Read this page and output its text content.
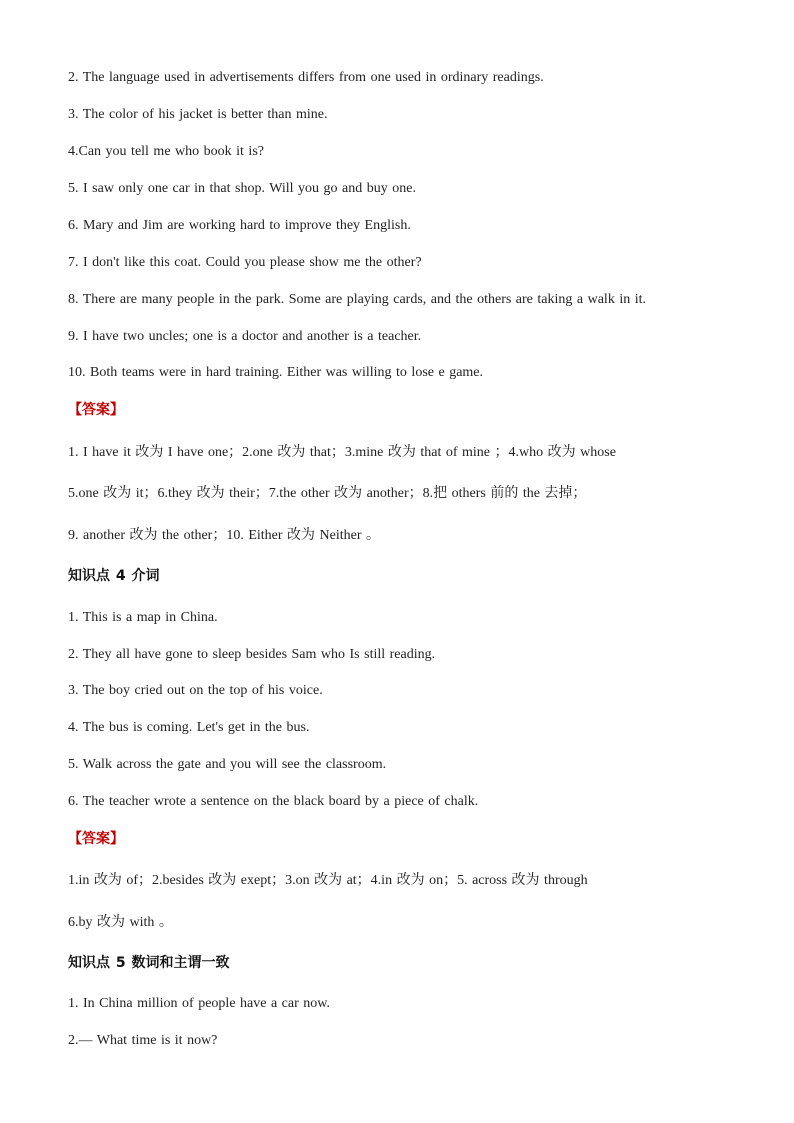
2. The language used in advertisements differs from one used in ordinary readings.
3. The color of his jacket is better than mine.
4.Can you tell me who book it is?
5. I saw only one car in that shop. Will you go and buy one.
6. Mary and Jim are working hard to improve they English.
7. I don't like this coat. Could you please show me the other?
8. There are many people in the park. Some are playing cards, and the others are taking a walk in it.
9. I have two uncles; one is a doctor and another is a teacher.
10. Both teams were in hard training. Either was willing to lose e game.
【答案】
1. I have it 改为 I have one；2.one 改为 that；3.mine 改为 that of mine ；4.who 改为 whose
5.one 改为 it；6.they 改为 their；7.the other 改为 another；8.把 others 前的 the 去掉；
9. another 改为 the other；10. Either 改为 Neither 。
知识点 4 介词
1. This is a map in China.
2. They all have gone to sleep besides Sam who Is still reading.
3. The boy cried out on the top of his voice.
4. The bus is coming. Let's get in the bus.
5. Walk across the gate and you will see the classroom.
6. The teacher wrote a sentence on the black board by a piece of chalk.
【答案】
1.in 改为 of；2.besides 改为 exept；3.on 改为 at；4.in 改为 on；5. across 改为 through
6.by 改为 with 。
知识点 5 数词和主谓一致
1. In China million of people have a car now.
2.— What time is it now?
